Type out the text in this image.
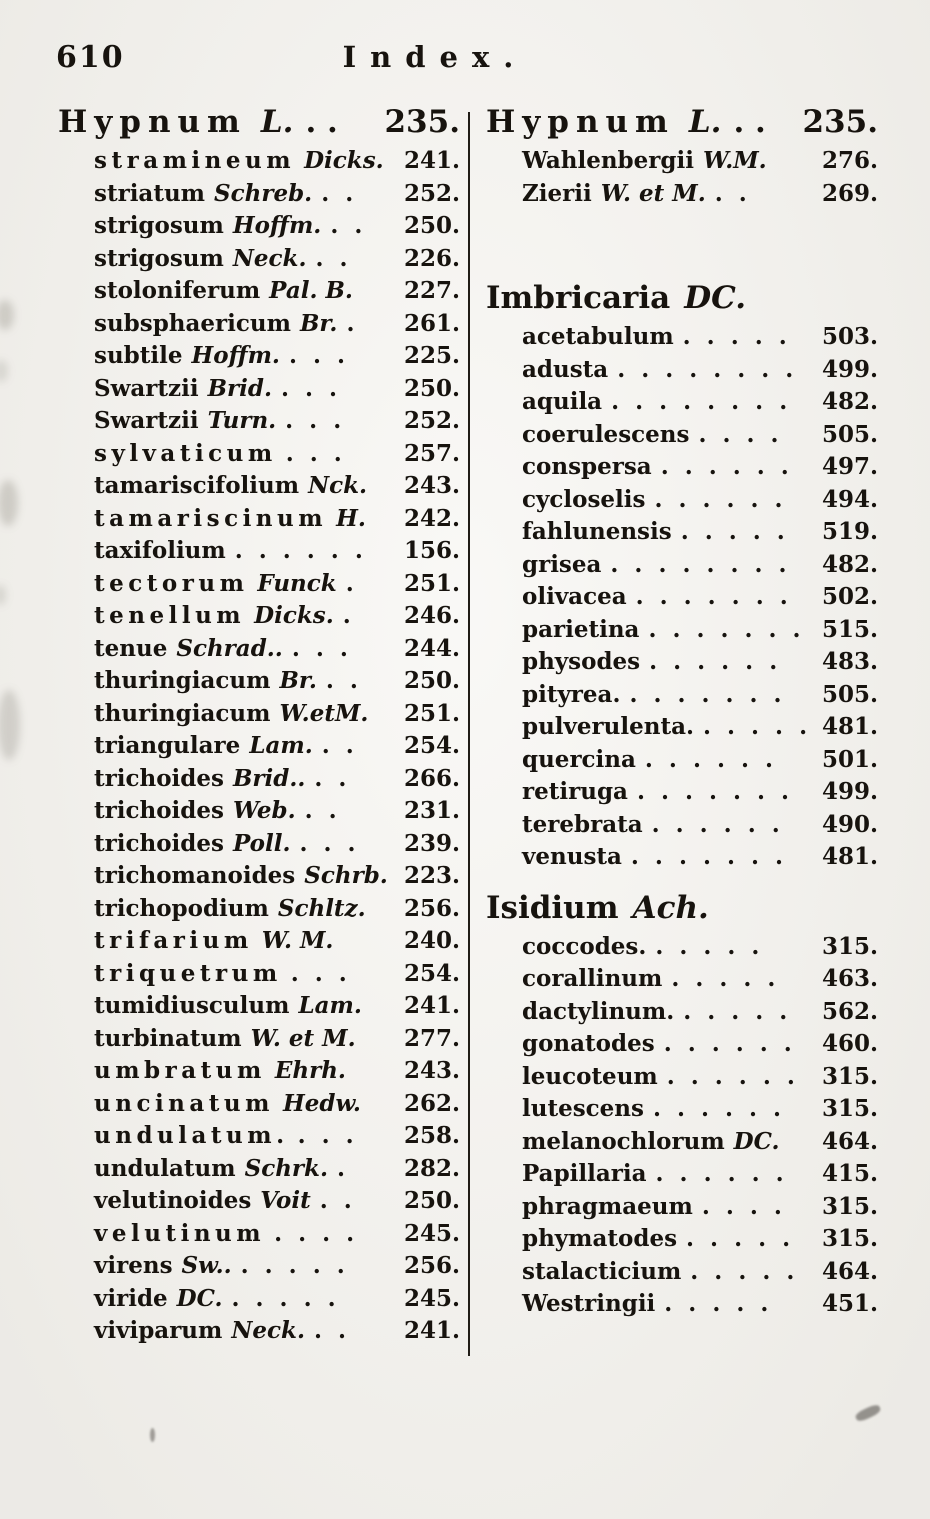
610	Index.
Hypnum L. . .	235.
stramineum Dicks. 241.
striatum Schreb. . .	252.
strigosum Hoffm. . .	250.
strigosum Neck. . .	226.
stoloniferum Pal. B. 227.
subsphaericum Br. .	261.
subtile Hoffm. . . .	225.
Swartzii Brid. . . .	250.
Swartzii Turn. . . .	252.
sylvaticum . . .	257.
tamariscifolium Nck. 243.
tamariscinum H. 242.
taxifolium . . . . . .	156.
tectorum Funck .	251.
tenellum Dicks. .	246.
tenue Schrad.. . . .	244.
thuringiacum Br. . .	250.
thuringiacum W.etM. 251.
triangulare Lam. . .	254.
trichoides Brid.. . .	266.
trichoides Web. . .	231.
trichoides Poll. . . .	239.
trichomanoides Schrb. 223.
trichopodium Schltz. 256.
trifarium W. M.	240.
triquetrum . . .	254.
tumidiusculum Lam. 241.
turbinatum W. et M. 277.
umbratum Ehrh.	243.
uncinatum Hedw. 262.
undulatum. . . .	258.
undulatum Schrk. .	282.
velutinoides Voit . .	250.
velutinum . . . .	245.
virens Sw.. . . . . .	256.
viride DC. . . . . .	245.
viviparum Neck. . .	241.
Hypnum L. . .	235.
Wahlenbergii W.M. 276.
Zierii W. et M. . .	269.
Imbricaria DC.
acetabulum . . . . .	503.
adusta . . . . . . . .	499.
aquila . . . . . . . .	482.
coerulescens . . . .	505.
conspersa . . . . . .	497.
cycloselis . . . . . .	494.
fahlunensis . . . . .	519.
grisea . . . . . . . .	482.
olivacea . . . . . . .	502.
parietina . . . . . . . 515.
physodes . . . . . .	483.
pityrea. . . . . . . .	505.
pulverulenta. . . . . . 481.
quercina . . . . . .	501.
retiruga . . . . . . .	499.
terebrata . . . . . .	490.
venusta . . . . . . .	481.
Isidium Ach.
coccodes. . . . . .	315.
corallinum . . . . .	463.
dactylinum. . . . . .	562.
gonatodes . . . . . .	460.
leucoteum . . . . . .	315.
lutescens . . . . . .	315.
melanochlorum DC. 464.
Papillaria . . . . . .	415.
phragmaeum . . . .	315.
phymatodes . . . . .	315.
stalacticium . . . . .	464.
Westringii . . . . .	451.
